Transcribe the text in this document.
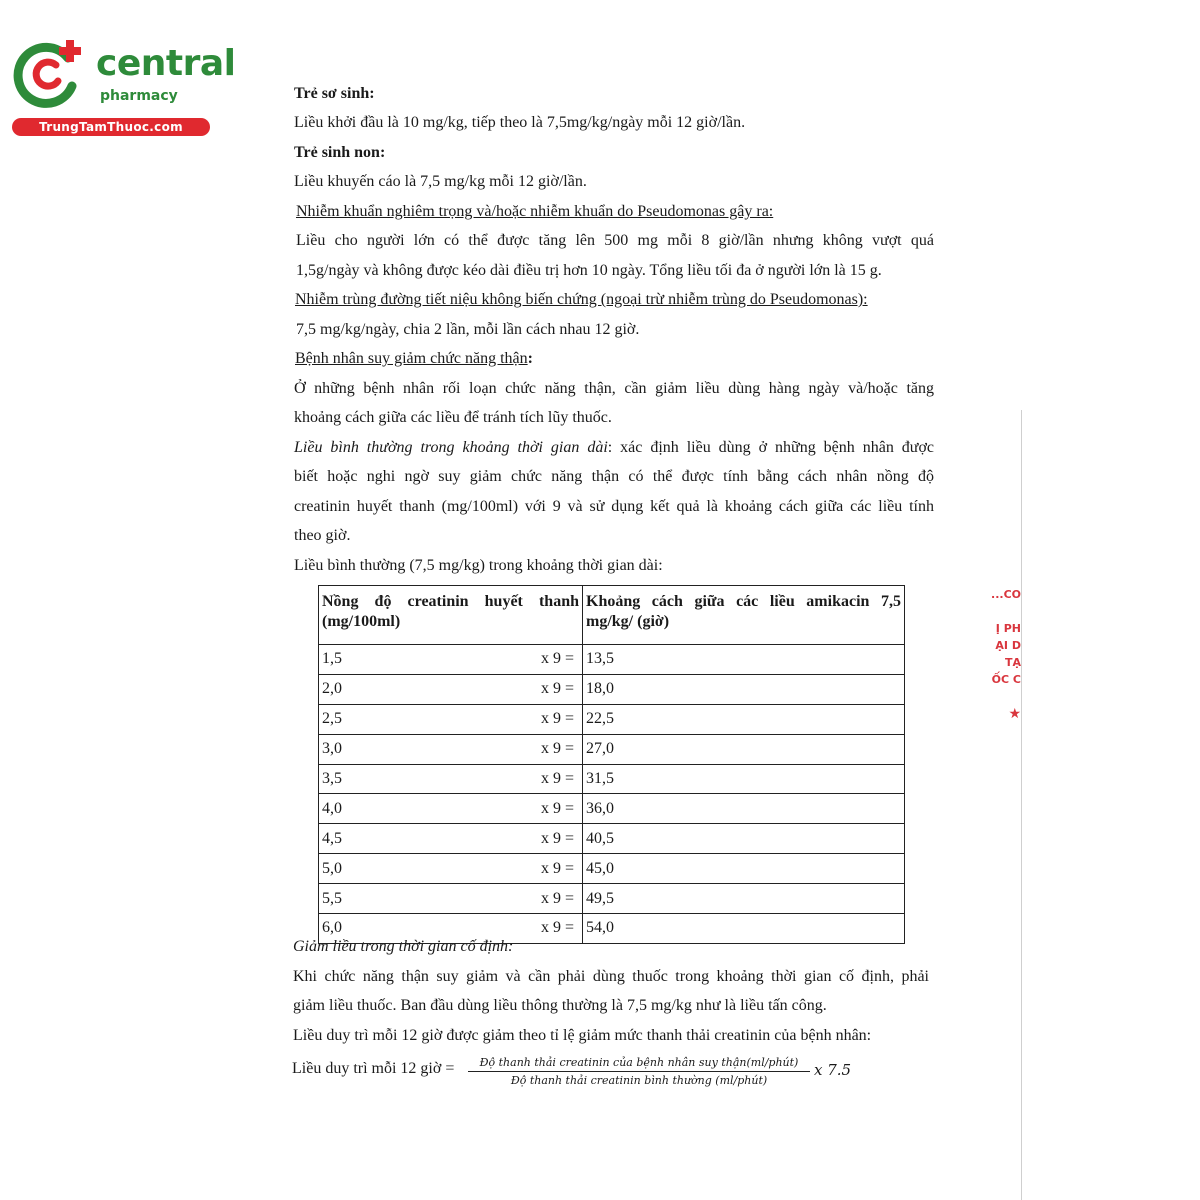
central
pharmacy
TrungTamThuoc.com
Trẻ sơ sinh:
Liều khởi đầu là 10 mg/kg, tiếp theo là 7,5mg/kg/ngày mỗi 12 giờ/lần.
Trẻ sinh non:
Liều khuyến cáo là 7,5 mg/kg mỗi 12 giờ/lần.
Nhiễm khuẩn nghiêm trọng và/hoặc nhiễm khuẩn do Pseudomonas gây ra:
Liều cho người lớn có thể được tăng lên 500 mg mỗi 8 giờ/lần nhưng không vượt quá
1,5g/ngày và không được kéo dài điều trị hơn 10 ngày. Tổng liều tối đa ở người lớn là 15 g.
Nhiễm trùng đường tiết niệu không biến chứng (ngoại trừ nhiễm trùng do Pseudomonas):
7,5 mg/kg/ngày, chia 2 lần, mỗi lần cách nhau 12 giờ.
Bệnh nhân suy giảm chức năng thận:
Ở những bệnh nhân rối loạn chức năng thận, cần giảm liều dùng hàng ngày và/hoặc tăng
khoảng cách giữa các liều để tránh tích lũy thuốc.
Liều bình thường trong khoảng thời gian dài: xác định liều dùng ở những bệnh nhân được
biết hoặc nghi ngờ suy giảm chức năng thận có thể được tính bằng cách nhân nồng độ
creatinin huyết thanh (mg/100ml) với 9 và sử dụng kết quả là khoảng cách giữa các liều tính
theo giờ.
Liều bình thường (7,5 mg/kg) trong khoảng thời gian dài:
Giảm liều trong thời gian cố định:
Khi chức năng thận suy giảm và cần phải dùng thuốc trong khoảng thời gian cố định, phải
giảm liều thuốc. Ban đầu dùng liều thông thường là 7,5 mg/kg như là liều tấn công.
Liều duy trì mỗi 12 giờ được giảm theo tỉ lệ giảm mức thanh thải creatinin của bệnh nhân:
Nồng độ creatinin huyết thanh (mg/100ml)	Khoảng cách giữa các liều amikacin 7,5 mg/kg/ (giờ)

1,5 x 9 =	13,5
2,0 x 9 =	18,0
2,5 x 9 =	22,5
3,0 x 9 =	27,0
3,5 x 9 =	31,5
4,0 x 9 =	36,0
4,5 x 9 =	40,5
5,0 x 9 =	45,0
5,5 x 9 =	49,5
6,0 x 9 =	54,0
Liều duy trì mỗi 12 giờ =	Độ thanh thải creatinin của bệnh nhân suy thận(ml/phút)
Độ thanh thải creatinin bình thường (ml/phút)
x 7.5
...CO
Ị PH
ẠI D
TẠ
ỐC C
★
